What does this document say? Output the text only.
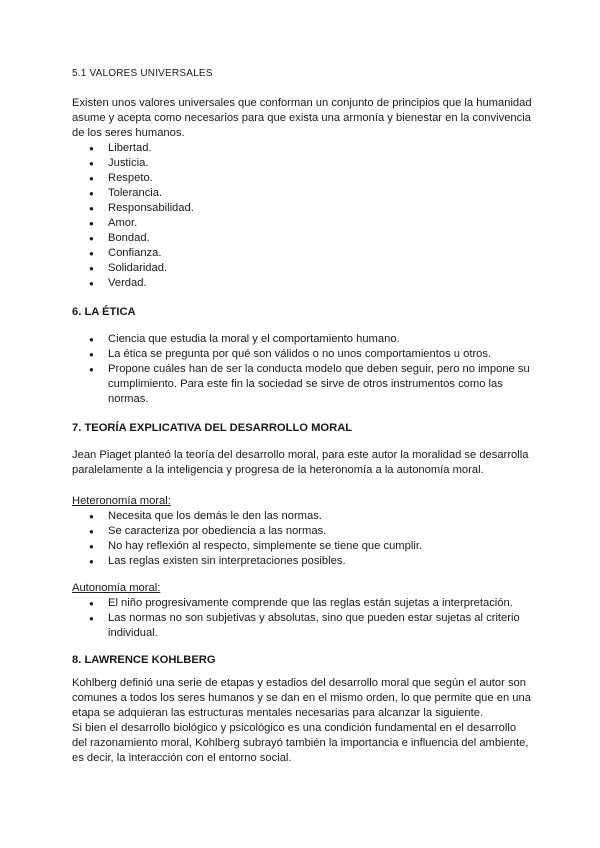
5.1 VALORES UNIVERSALES

Existen unos valores universales que conforman un conjunto de principios que la humanidad asume y acepta como necesarios para que exista una armonía y bienestar en la convivencia de los seres humanos.

● Libertad.
● Justicia.
● Respeto.
● Tolerancia.
● Responsabilidad.
● Amor.
● Bondad.
● Confianza.
● Solidaridad.
● Verdad.
6. LA ÉTICA
● Ciencia que estudia la moral y el comportamiento humano.
● La ética se pregunta por qué son válidos o no unos comportamientos u otros.
● Propone cuáles han de ser la conducta modelo que deben seguir, pero no impone su cumplimiento. Para este fin la sociedad se sirve de otros instrumentos como las normas.
7. TEORÍA EXPLICATIVA DEL DESARROLLO MORAL

Jean Piaget planteó la teoría del desarrollo moral, para este autor la moralidad se desarrolla paralelamente a la inteligencia y progresa de la heteronomía a la autonomía moral.

Heteronomía moral:
● Necesita que los demás le den las normas.
● Se caracteriza por obediencia a las normas.
● No hay reflexión al respecto, simplemente se tiene que cumplir.
● Las reglas existen sin interpretaciones posibles.
Autonomía moral:
● El niño progresivamente comprende que las reglas están sujetas a interpretación.
● Las normas no son subjetivas y absolutas, sino que pueden estar sujetas al criterio individual.
8. LAWRENCE KOHLBERG

Kohlberg definió una serie de etapas y estadios del desarrollo moral que según el autor son comunes a todos los seres humanos y se dan en el mismo orden, lo que permite que en una etapa se adquieran las estructuras mentales necesarias para alcanzar la siguiente.

Si bien el desarrollo biológico y psicológico es una condición fundamental en el desarrollo del razonamiento moral, Kohlberg subrayó también la importancia e influencia del ambiente, es decir, la interacción con el entorno social.
